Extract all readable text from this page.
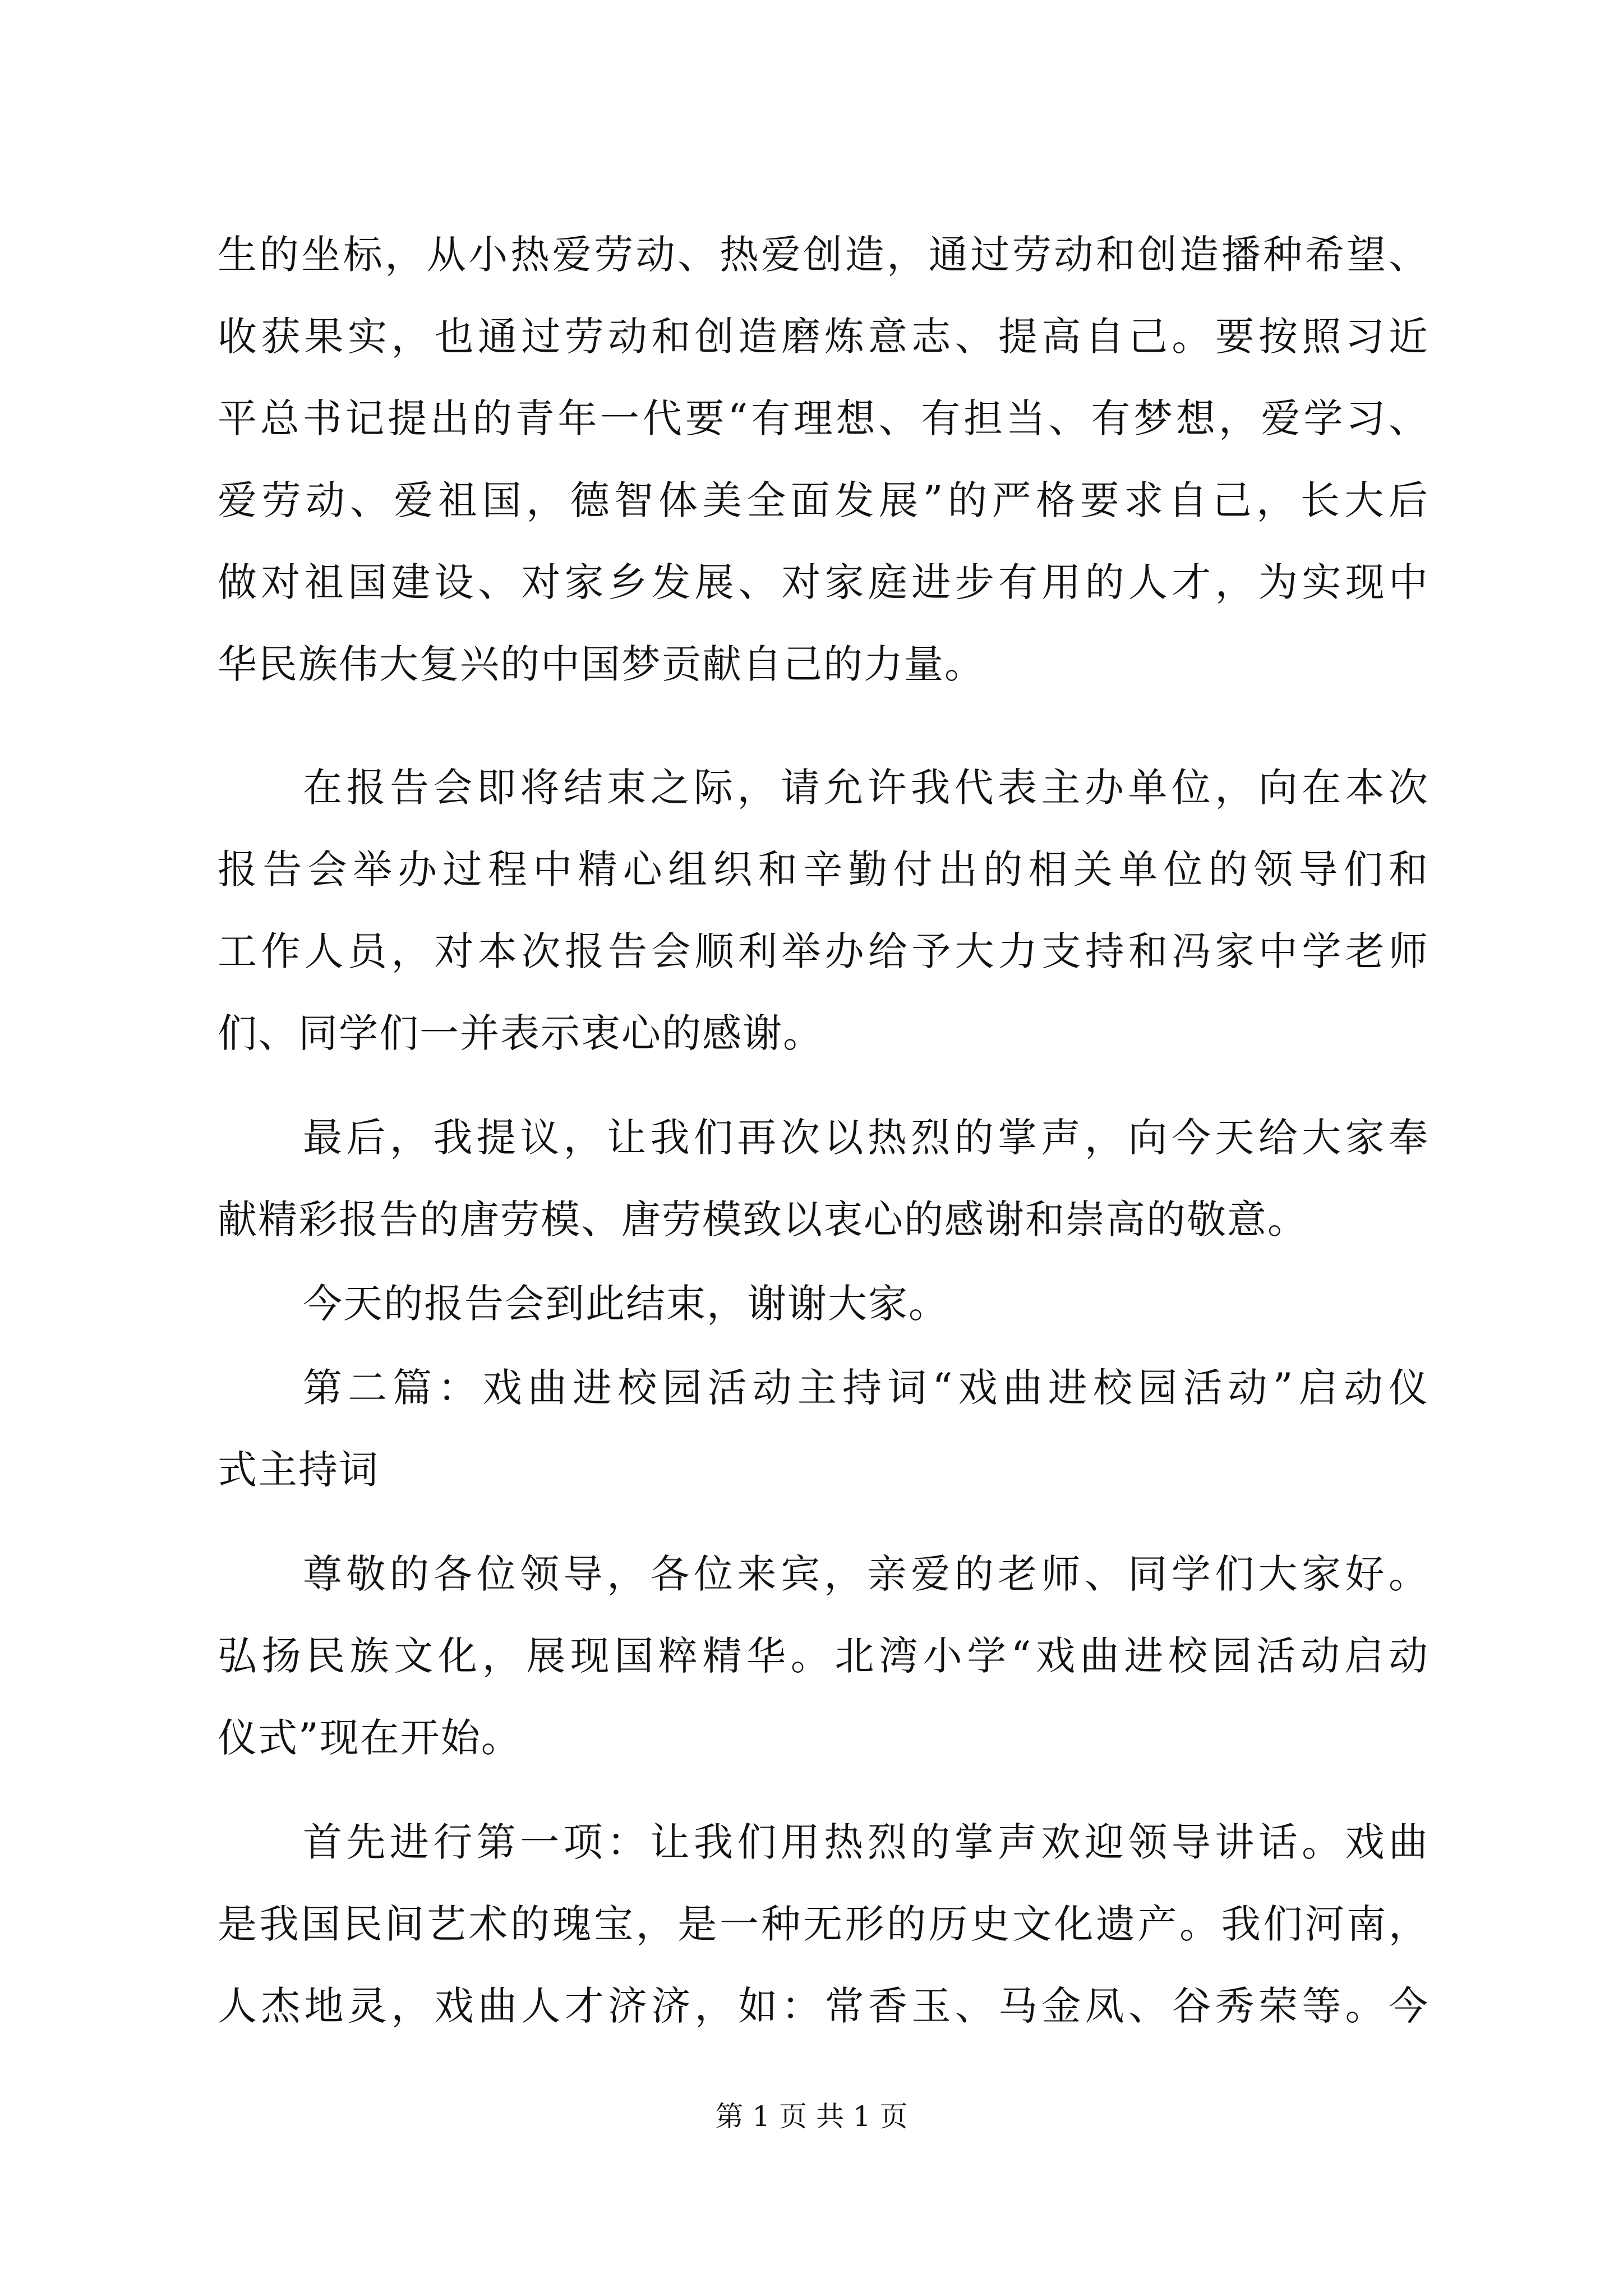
生的坐标，从小热爱劳动、热爱创造，通过劳动和创造播种希望、
收获果实，也通过劳动和创造磨炼意志、提高自己。要按照习近
平总书记提出的青年一代要“有理想、有担当、有梦想，爱学习、
爱劳动、爱祖国，德智体美全面发展”的严格要求自己，长大后
做对祖国建设、对家乡发展、对家庭进步有用的人才，为实现中
华民族伟大复兴的中国梦贡献自己的力量。
在报告会即将结束之际，请允许我代表主办单位，向在本次
报告会举办过程中精心组织和辛勤付出的相关单位的领导们和
工作人员，对本次报告会顺利举办给予大力支持和冯家中学老师
们、同学们一并表示衷心的感谢。
最后，我提议，让我们再次以热烈的掌声，向今天给大家奉
献精彩报告的唐劳模、唐劳模致以衷心的感谢和崇高的敬意。
今天的报告会到此结束，谢谢大家。
第二篇：戏曲进校园活动主持词“戏曲进校园活动”启动仪
式主持词
尊敬的各位领导，各位来宾，亲爱的老师、同学们大家好。
弘扬民族文化，展现国粹精华。北湾小学“戏曲进校园活动启动
仪式”现在开始。
首先进行第一项：让我们用热烈的掌声欢迎领导讲话。戏曲
是我国民间艺术的瑰宝，是一种无形的历史文化遗产。我们河南，
人杰地灵，戏曲人才济济，如：常香玉、马金凤、谷秀荣等。今
第 1 页 共 1 页
